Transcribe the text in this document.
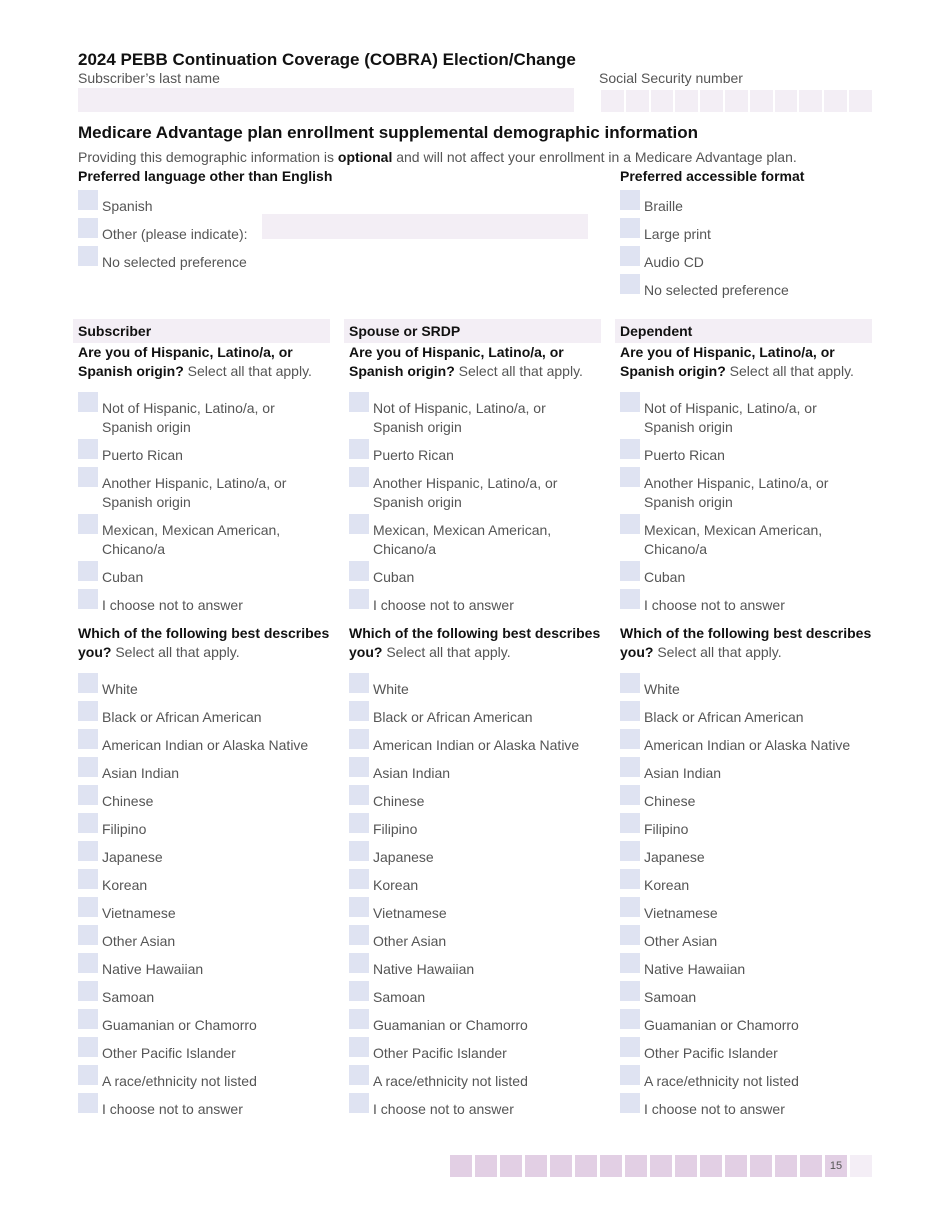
2024 PEBB Continuation Coverage (COBRA) Election/Change
Subscriber’s last name	Social Security number
Medicare Advantage plan enrollment supplemental demographic information
Providing this demographic information is optional and will not affect your enrollment in a Medicare Advantage plan.
Preferred language other than English
Spanish
Other (please indicate):
No selected preference
Preferred accessible format
Braille
Large print
Audio CD
No selected preference
Subscriber
Are you of Hispanic, Latino/a, or Spanish origin? Select all that apply.
Not of Hispanic, Latino/a, or Spanish origin
Puerto Rican
Another Hispanic, Latino/a, or Spanish origin
Mexican, Mexican American, Chicano/a
Cuban
I choose not to answer
Which of the following best describes you? Select all that apply.
White
Black or African American
American Indian or Alaska Native
Asian Indian
Chinese
Filipino
Japanese
Korean
Vietnamese
Other Asian
Native Hawaiian
Samoan
Guamanian or Chamorro
Other Pacific Islander
A race/ethnicity not listed
I choose not to answer
Spouse or SRDP
Are you of Hispanic, Latino/a, or Spanish origin? Select all that apply.
Not of Hispanic, Latino/a, or Spanish origin
Puerto Rican
Another Hispanic, Latino/a, or Spanish origin
Mexican, Mexican American, Chicano/a
Cuban
I choose not to answer
Which of the following best describes you? Select all that apply.
White
Black or African American
American Indian or Alaska Native
Asian Indian
Chinese
Filipino
Japanese
Korean
Vietnamese
Other Asian
Native Hawaiian
Samoan
Guamanian or Chamorro
Other Pacific Islander
A race/ethnicity not listed
I choose not to answer
Dependent
Are you of Hispanic, Latino/a, or Spanish origin? Select all that apply.
Not of Hispanic, Latino/a, or Spanish origin
Puerto Rican
Another Hispanic, Latino/a, or Spanish origin
Mexican, Mexican American, Chicano/a
Cuban
I choose not to answer
Which of the following best describes you? Select all that apply.
White
Black or African American
American Indian or Alaska Native
Asian Indian
Chinese
Filipino
Japanese
Korean
Vietnamese
Other Asian
Native Hawaiian
Samoan
Guamanian or Chamorro
Other Pacific Islander
A race/ethnicity not listed
I choose not to answer
15
